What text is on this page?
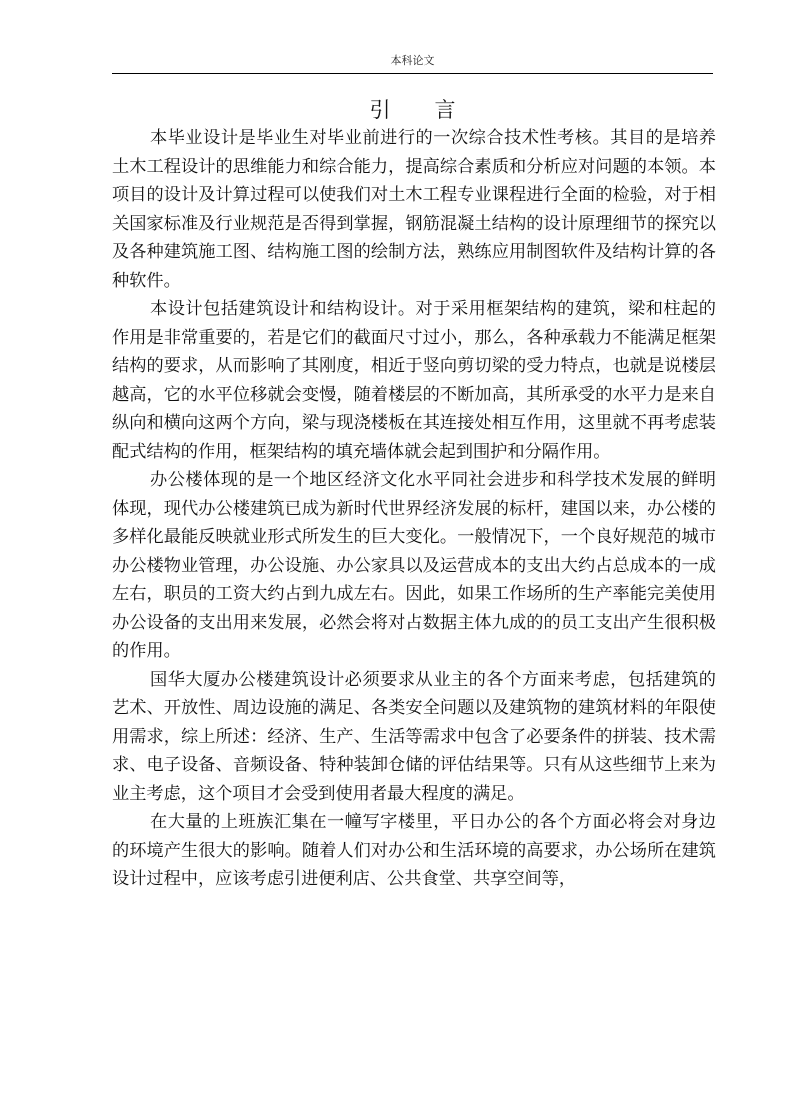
本科论文
引言

本毕业设计是毕业生对毕业前进行的一次综合技术性考核。其目的是培养土木工程设计的思维能力和综合能力，提高综合素质和分析应对问题的本领。本项目的设计及计算过程可以使我们对土木工程专业课程进行全面的检验，对于相关国家标准及行业规范是否得到掌握，钢筋混凝土结构的设计原理细节的探究以及各种建筑施工图、结构施工图的绘制方法，熟练应用制图软件及结构计算的各种软件。

本设计包括建筑设计和结构设计。对于采用框架结构的建筑，梁和柱起的作用是非常重要的，若是它们的截面尺寸过小，那么，各种承载力不能满足框架结构的要求，从而影响了其刚度，相近于竖向剪切梁的受力特点，也就是说楼层越高，它的水平位移就会变慢，随着楼层的不断加高，其所承受的水平力是来自纵向和横向这两个方向，梁与现浇楼板在其连接处相互作用，这里就不再考虑装配式结构的作用，框架结构的填充墙体就会起到围护和分隔作用。

办公楼体现的是一个地区经济文化水平同社会进步和科学技术发展的鲜明体现，现代办公楼建筑已成为新时代世界经济发展的标杆，建国以来，办公楼的多样化最能反映就业形式所发生的巨大变化。一般情况下，一个良好规范的城市办公楼物业管理，办公设施、办公家具以及运营成本的支出大约占总成本的一成左右，职员的工资大约占到九成左右。因此，如果工作场所的生产率能完美使用办公设备的支出用来发展，必然会将对占数据主体九成的的员工支出产生很积极的作用。

国华大厦办公楼建筑设计必须要求从业主的各个方面来考虑，包括建筑的艺术、开放性、周边设施的满足、各类安全问题以及建筑物的建筑材料的年限使用需求，综上所述：经济、生产、生活等需求中包含了必要条件的拼装、技术需求、电子设备、音频设备、特种装卸仓储的评估结果等。只有从这些细节上来为业主考虑，这个项目才会受到使用者最大程度的满足。

在大量的上班族汇集在一幢写字楼里，平日办公的各个方面必将会对身边的环境产生很大的影响。随着人们对办公和生活环境的高要求，办公场所在建筑设计过程中，应该考虑引进便利店、公共食堂、共享空间等，
